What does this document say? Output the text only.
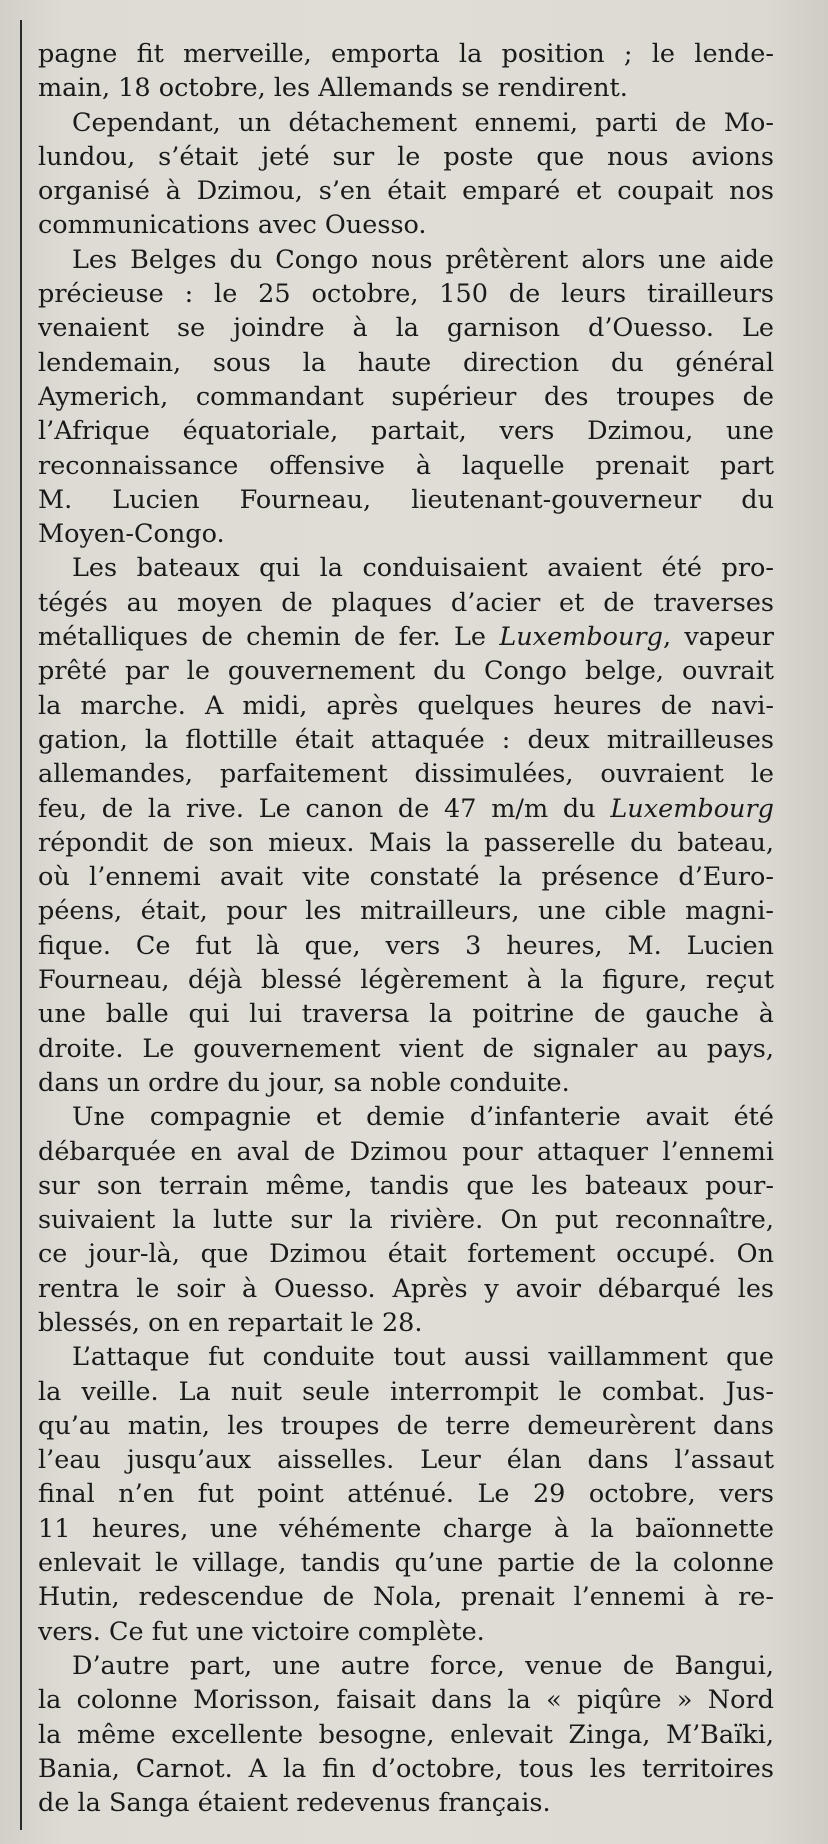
pagne fit merveille, emporta la position ; le lende-
main, 18 octobre, les Allemands se rendirent.
Cependant, un détachement ennemi, parti de Mo-
lundou, s’était jeté sur le poste que nous avions
organisé à Dzimou, s’en était emparé et coupait nos
communications avec Ouesso.
Les Belges du Congo nous prêtèrent alors une aide
précieuse : le 25 octobre, 150 de leurs tirailleurs
venaient se joindre à la garnison d’Ouesso. Le
lendemain, sous la haute direction du général
Aymerich, commandant supérieur des troupes de
l’Afrique équatoriale, partait, vers Dzimou, une
reconnaissance offensive à laquelle prenait part
M. Lucien Fourneau, lieutenant-gouverneur du
Moyen-Congo.
Les bateaux qui la conduisaient avaient été pro-
tégés au moyen de plaques d’acier et de traverses
métalliques de chemin de fer. Le Luxembourg, vapeur
prêté par le gouvernement du Congo belge, ouvrait
la marche. A midi, après quelques heures de navi-
gation, la flottille était attaquée : deux mitrailleuses
allemandes, parfaitement dissimulées, ouvraient le
feu, de la rive. Le canon de 47 m/m du Luxembourg
répondit de son mieux. Mais la passerelle du bateau,
où l’ennemi avait vite constaté la présence d’Euro-
péens, était, pour les mitrailleurs, une cible magni-
fique. Ce fut là que, vers 3 heures, M. Lucien
Fourneau, déjà blessé légèrement à la figure, reçut
une balle qui lui traversa la poitrine de gauche à
droite. Le gouvernement vient de signaler au pays,
dans un ordre du jour, sa noble conduite.
Une compagnie et demie d’infanterie avait été
débarquée en aval de Dzimou pour attaquer l’ennemi
sur son terrain même, tandis que les bateaux pour-
suivaient la lutte sur la rivière. On put reconnaître,
ce jour-là, que Dzimou était fortement occupé. On
rentra le soir à Ouesso. Après y avoir débarqué les
blessés, on en repartait le 28.
L’attaque fut conduite tout aussi vaillamment que
la veille. La nuit seule interrompit le combat. Jus-
qu’au matin, les troupes de terre demeurèrent dans
l’eau jusqu’aux aisselles. Leur élan dans l’assaut
final n’en fut point atténué. Le 29 octobre, vers
11 heures, une véhémente charge à la baïonnette
enlevait le village, tandis qu’une partie de la colonne
Hutin, redescendue de Nola, prenait l’ennemi à re-
vers. Ce fut une victoire complète.
D’autre part, une autre force, venue de Bangui,
la colonne Morisson, faisait dans la « piqûre » Nord
la même excellente besogne, enlevait Zinga, M’Baïki,
Bania, Carnot. A la fin d’octobre, tous les territoires
de la Sanga étaient redevenus français.
